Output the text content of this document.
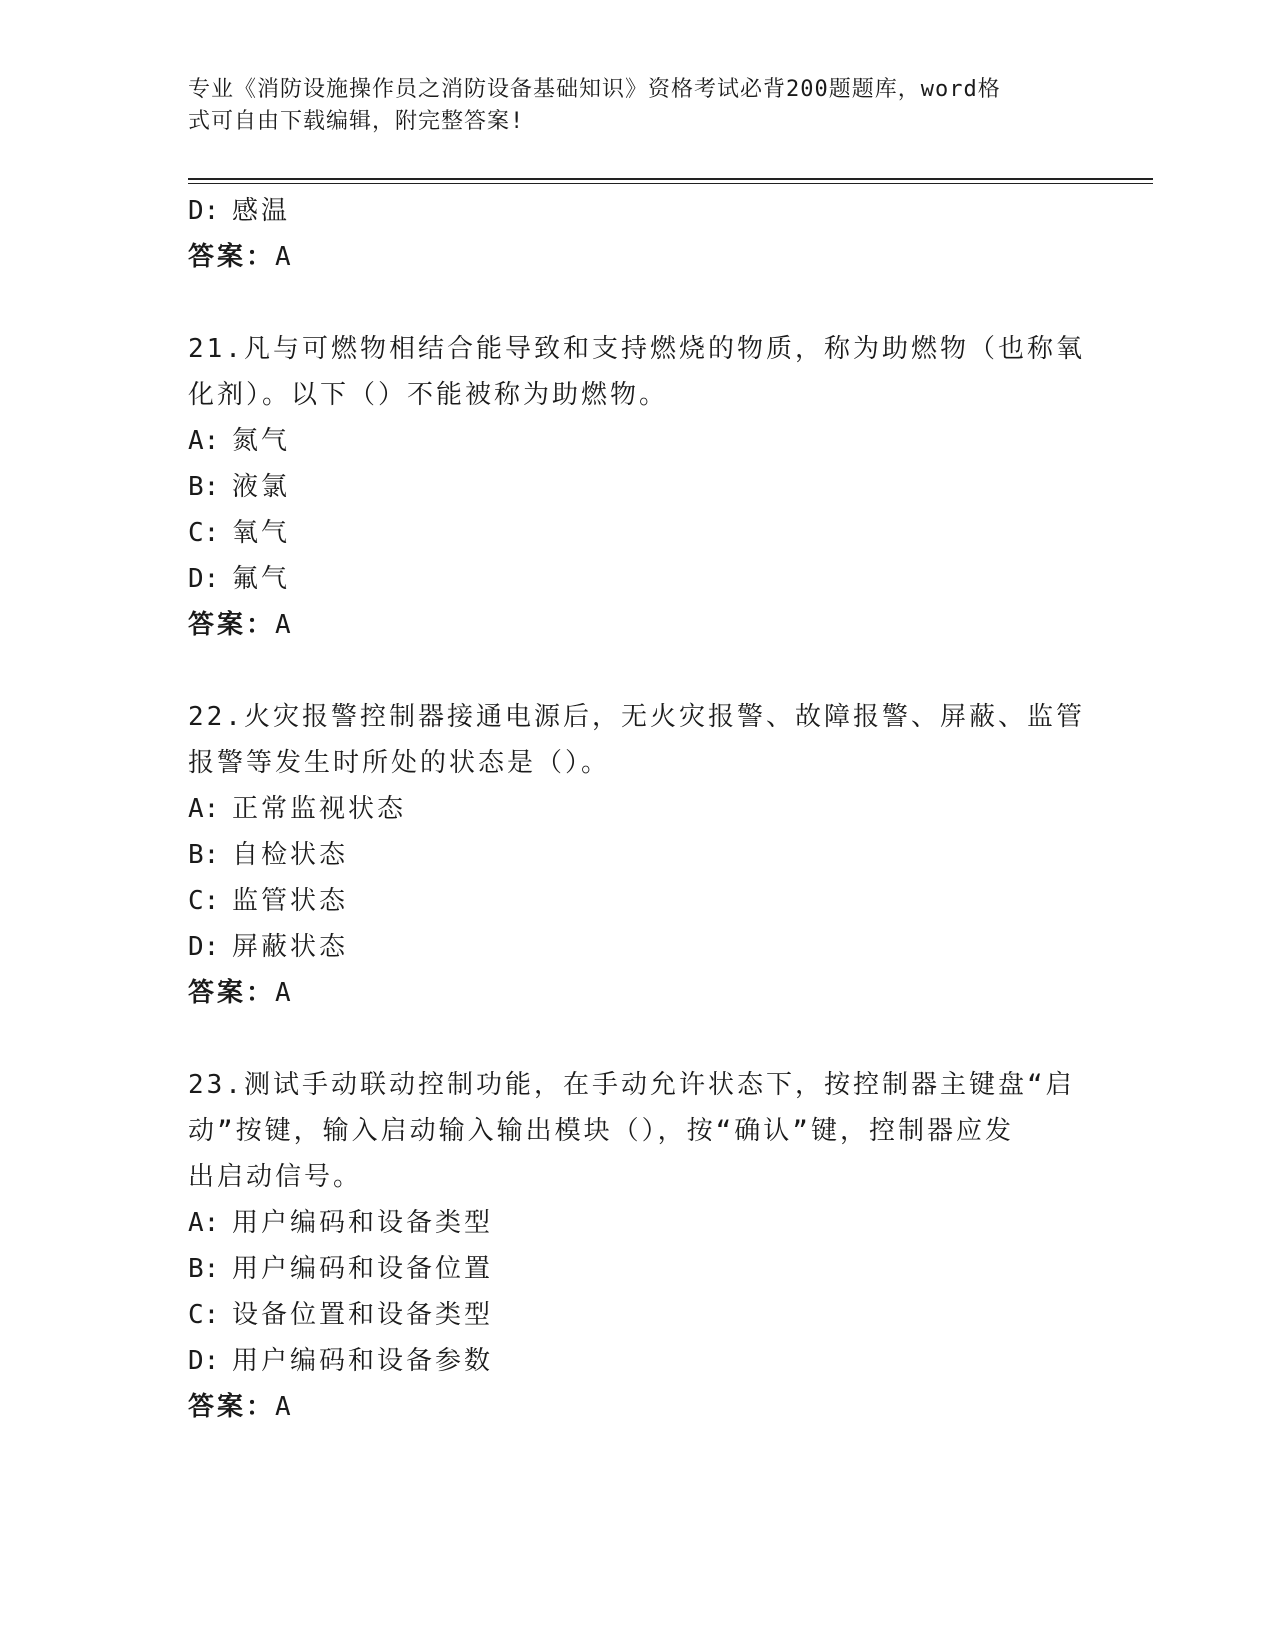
专业《消防设施操作员之消防设备基础知识》资格考试必背200题题库，word格
式可自由下载编辑，附完整答案!
D: 感温
答案：A
21.凡与可燃物相结合能导致和支持燃烧的物质，称为助燃物（也称氧
化剂）。以下（）不能被称为助燃物。
A: 氮气
B: 液氯
C: 氧气
D: 氟气
答案：A
22.火灾报警控制器接通电源后，无火灾报警、故障报警、屏蔽、监管
报警等发生时所处的状态是（）。
A: 正常监视状态
B: 自检状态
C: 监管状态
D: 屏蔽状态
答案：A
23.测试手动联动控制功能，在手动允许状态下，按控制器主键盘“启
动”按键，输入启动输入输出模块（），按“确认”键，控制器应发
出启动信号。
A: 用户编码和设备类型
B: 用户编码和设备位置
C: 设备位置和设备类型
D: 用户编码和设备参数
答案：A
